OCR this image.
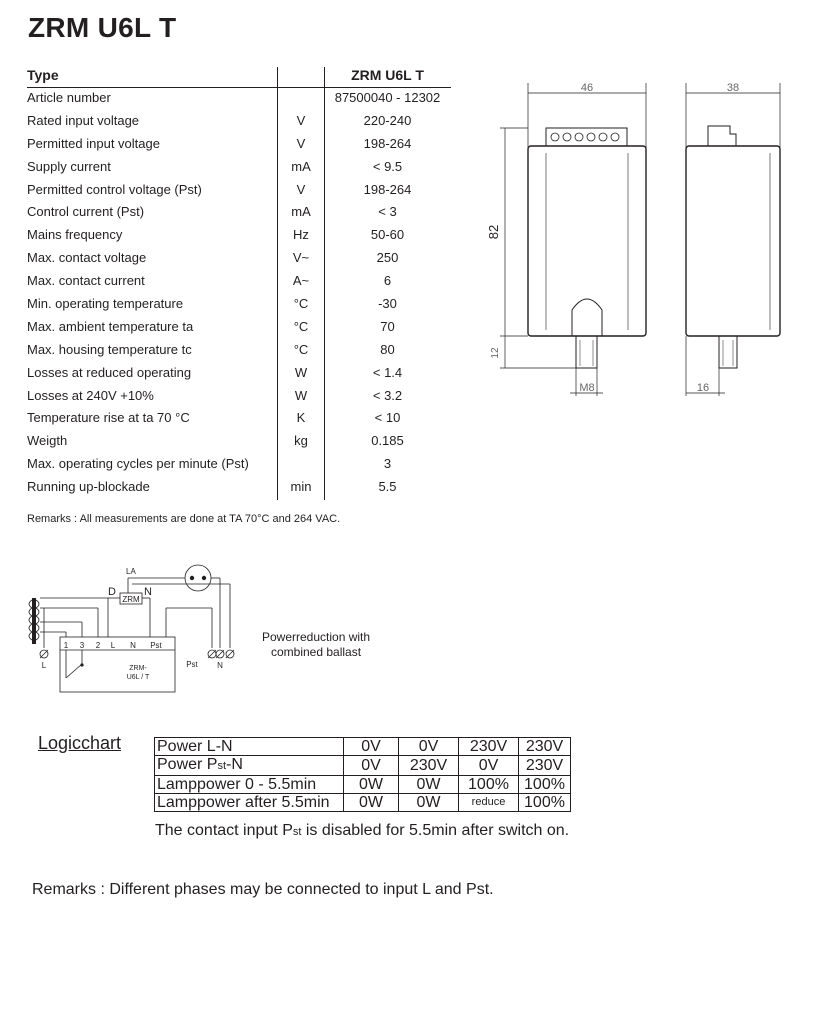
ZRM U6L T
Type	ZRM U6L T
Article number	87500040 - 12302
Rated input voltage	V	220-240
Permitted input voltage	V	198-264
Supply current	mA	< 9.5
Permitted control voltage (Pst)	V	198-264
Control current (Pst)	mA	< 3
Mains frequency	Hz	50-60
Max. contact voltage	V~	250
Max. contact current	A~	6
Min. operating temperature	°C	-30
Max. ambient temperature ta	°C	70
Max. housing temperature tc	°C	80
Losses at reduced operating	W	< 1.4
Losses at 240V +10%	W	< 3.2
Temperature rise at ta 70 °C	K	< 10
Weigth	kg	0.185
Max. operating cycles per minute (Pst)	3
Running up-blockade	min	5.5
Remarks : All measurements are done at TA 70°C and 264 VAC.
46
82
12
M8
38
16
LA
D	N
ZRM
1 3 2 L N Pst
ZRM-
U6L / T
Pst
L	N
Powerreduction with
combined ballast
Logicchart Power L-N	0V	0V	230V	230V
Power Pst-N	0V	230V	0V	230V
Lamppower 0 - 5.5min	0W	0W	100%	100%
Lamppower after 5.5min	0W	0W	reduce	100%
The contact input Pst is disabled for 5.5min after switch on.
Remarks : Different phases may be connected to input L and Pst.
